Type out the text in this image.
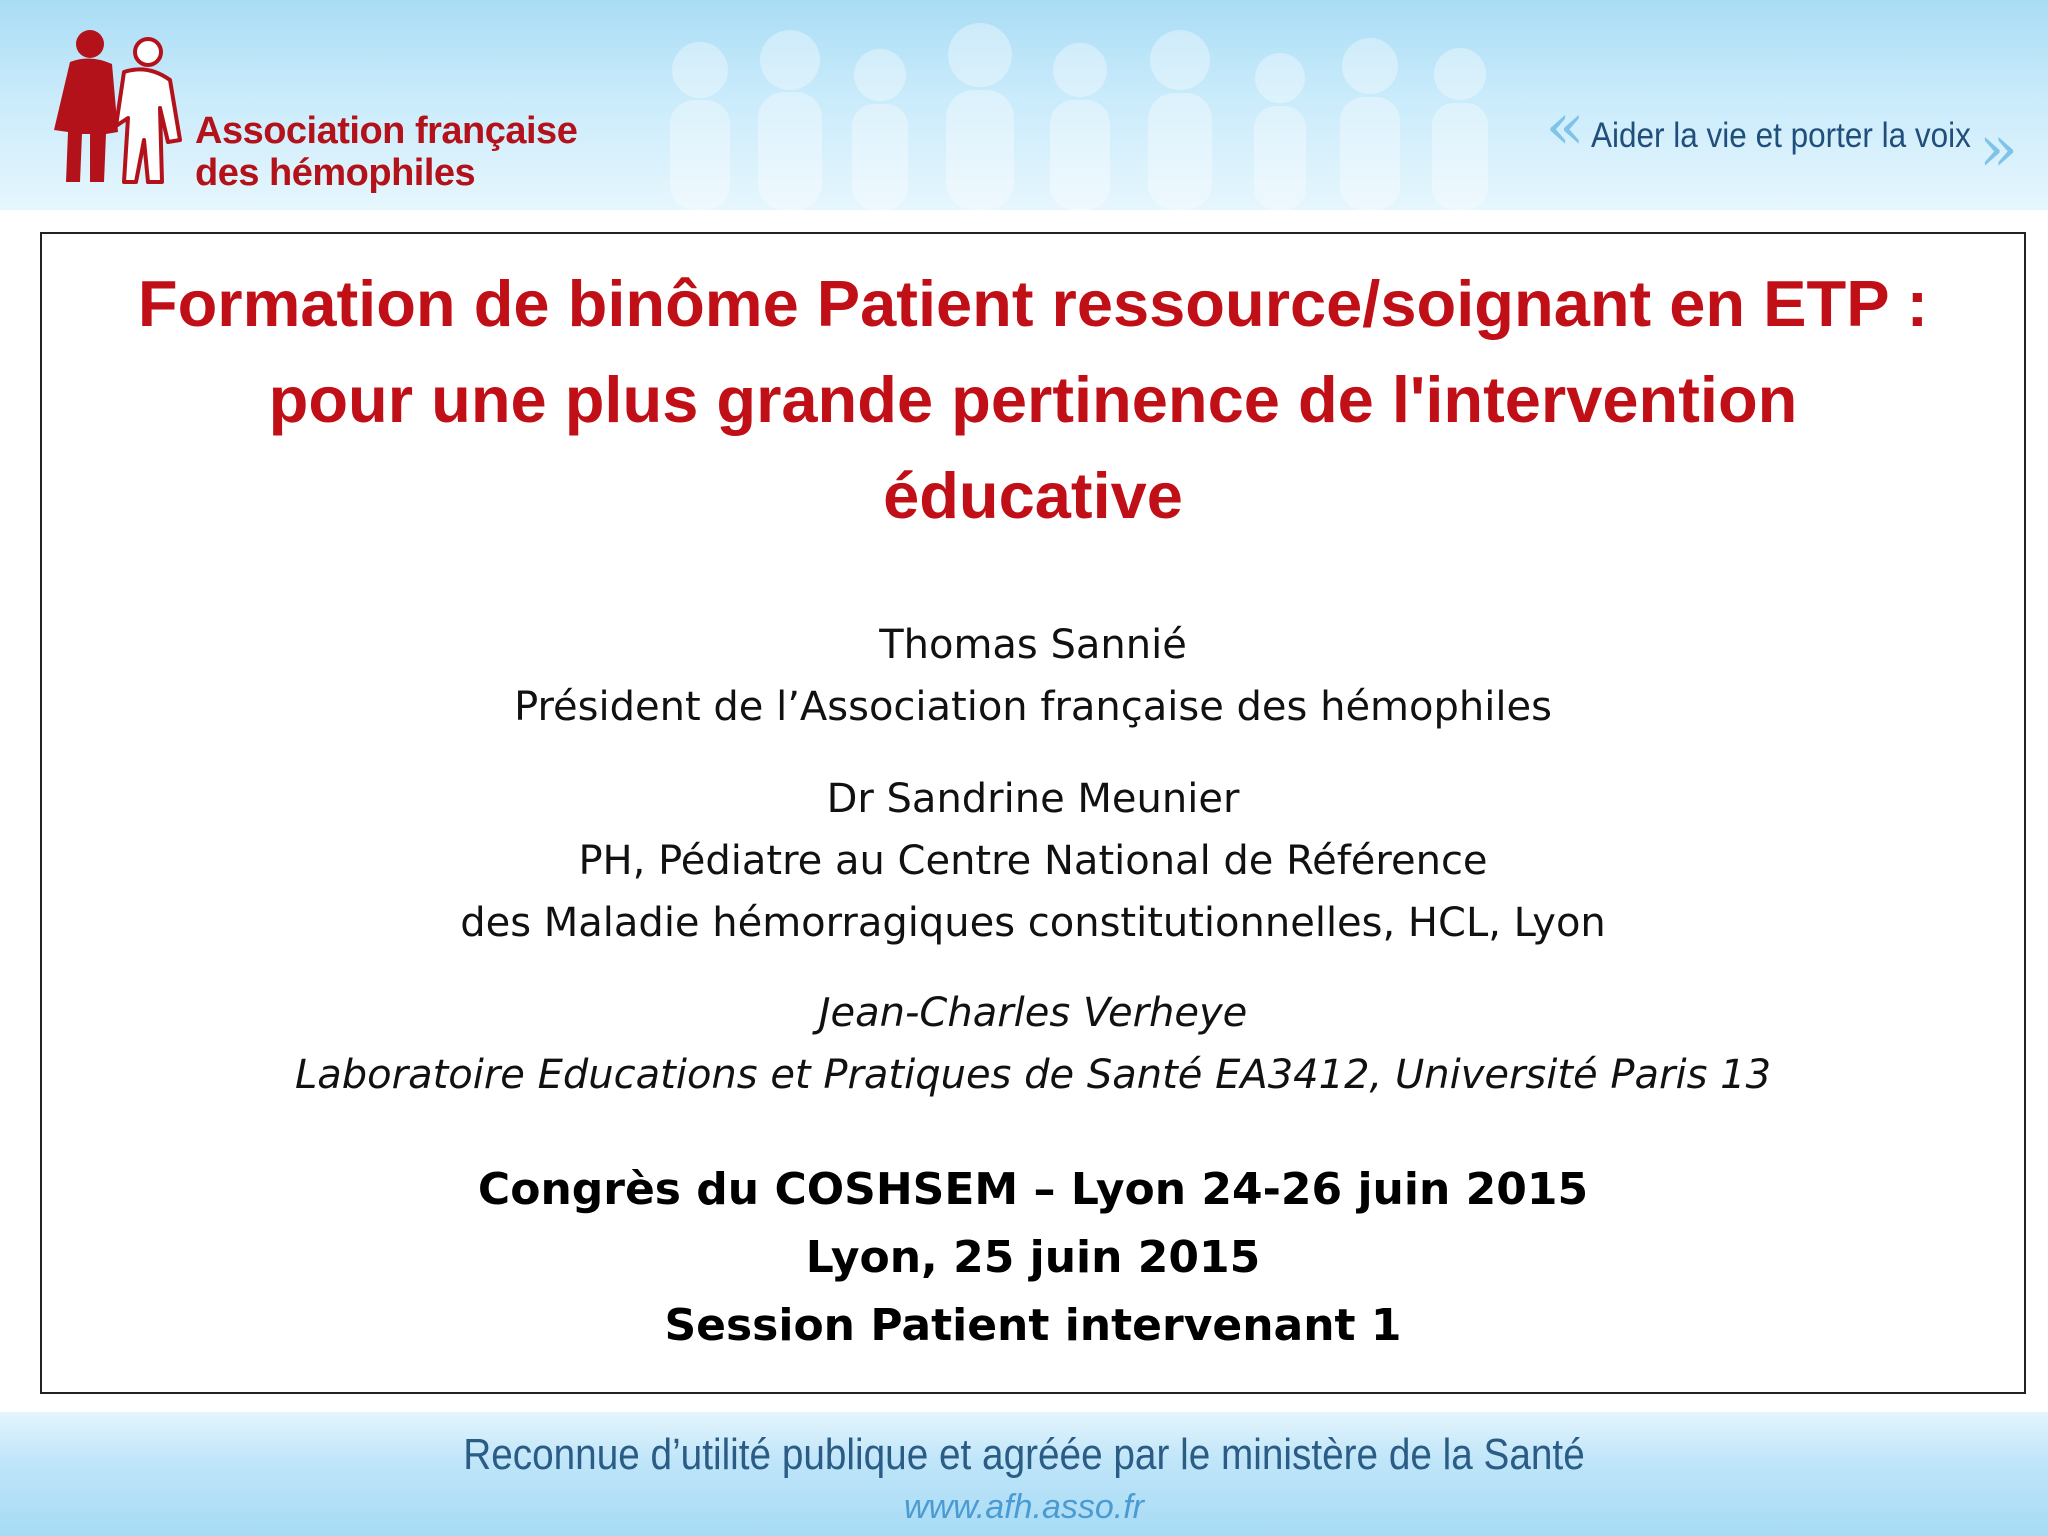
Association française
des hémophiles
« Aider la vie et porter la voix »
Formation de binôme Patient ressource/soignant en ETP :
pour une plus grande pertinence de l'intervention
éducative
Thomas Sannié
Président de l’Association française des hémophiles
Dr Sandrine Meunier
PH, Pédiatre au Centre National de Référence
des Maladie hémorragiques constitutionnelles, HCL, Lyon
Jean-Charles Verheye
Laboratoire Educations et Pratiques de Santé EA3412, Université Paris 13
Congrès du COSHSEM – Lyon 24-26 juin 2015
Lyon, 25 juin 2015
Session Patient intervenant 1
Reconnue d’utilité publique et agréée par le ministère de la Santé
www.afh.asso.fr
